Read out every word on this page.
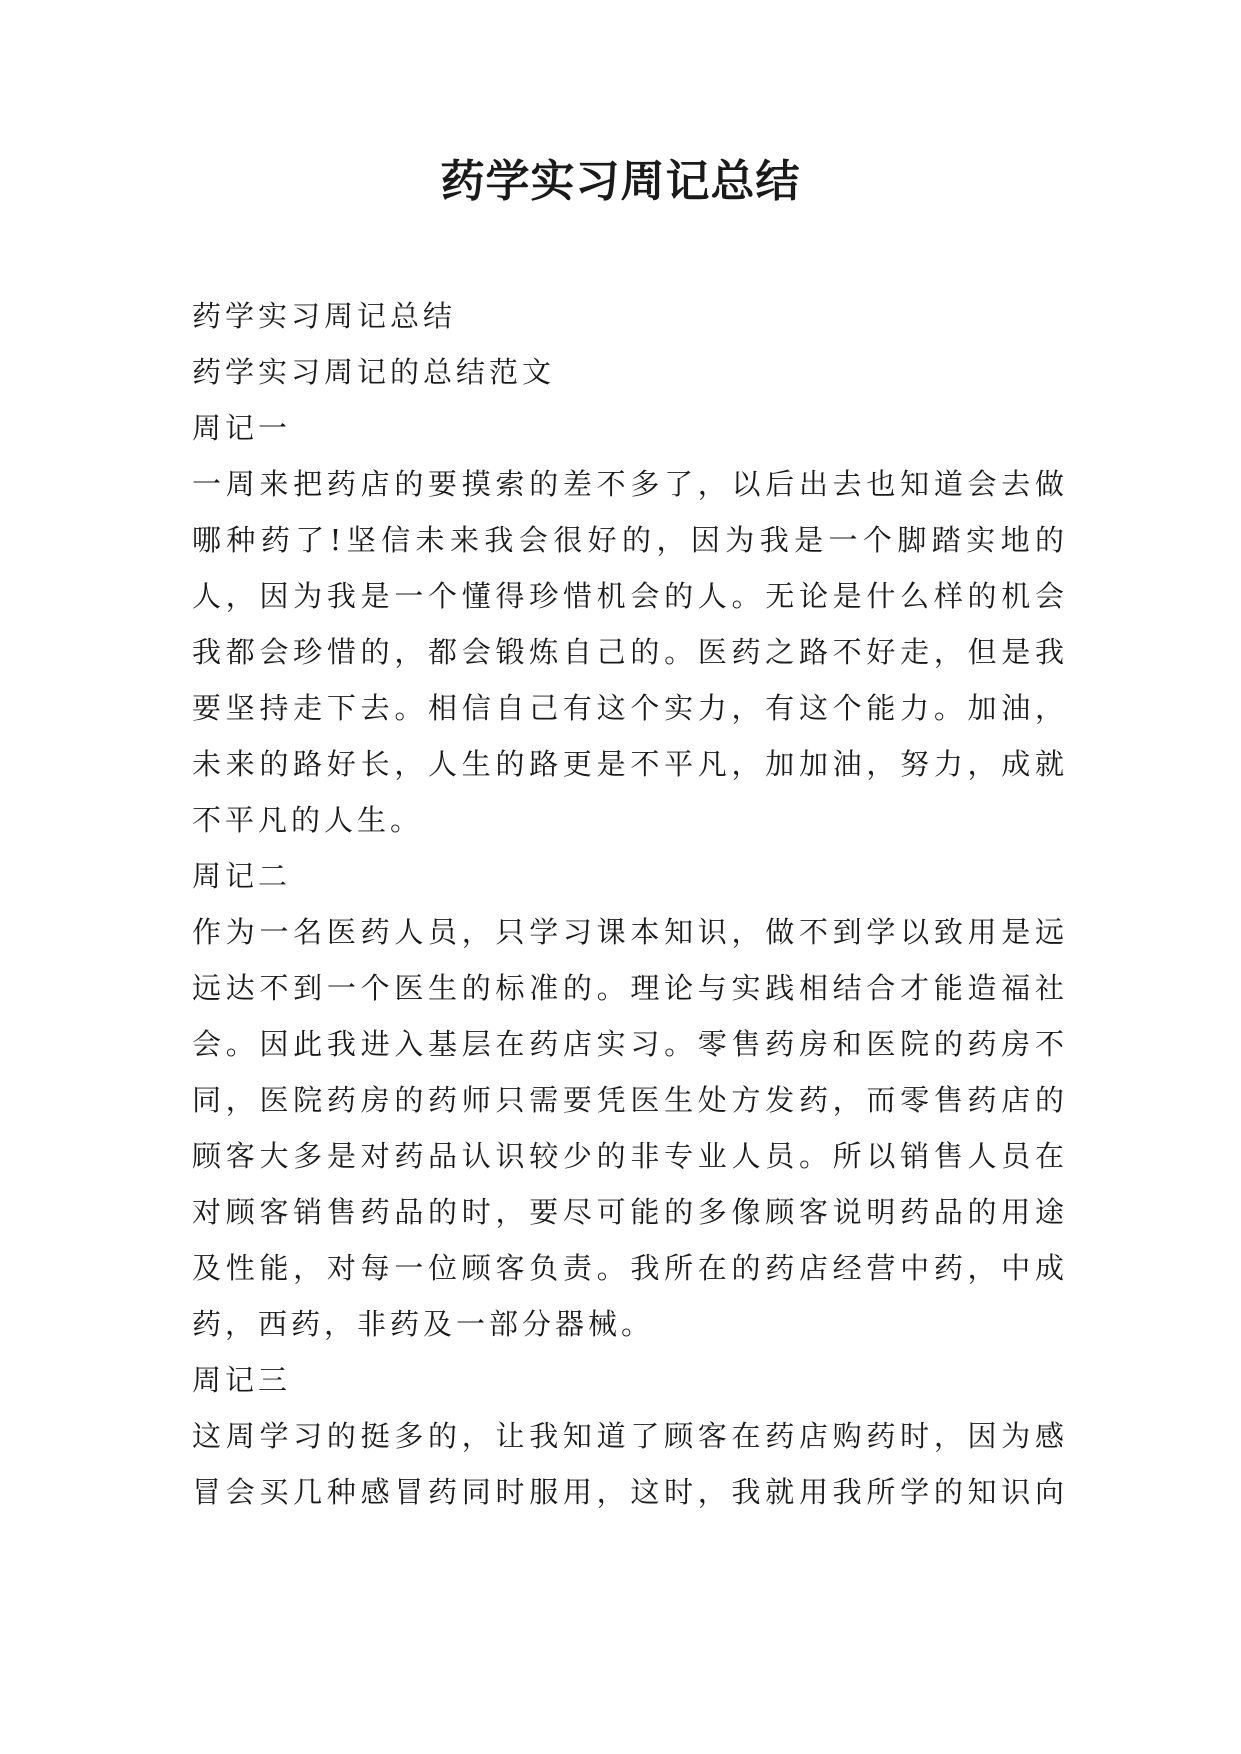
药学实习周记总结
药学实习周记总结
药学实习周记的总结范文
周记一
一周来把药店的要摸索的差不多了，以后出去也知道会去做
哪种药了!坚信未来我会很好的，因为我是一个脚踏实地的
人，因为我是一个懂得珍惜机会的人。无论是什么样的机会
我都会珍惜的，都会锻炼自己的。医药之路不好走，但是我
要坚持走下去。相信自己有这个实力，有这个能力。加油，
未来的路好长，人生的路更是不平凡，加加油，努力，成就
不平凡的人生。
周记二
作为一名医药人员，只学习课本知识，做不到学以致用是远
远达不到一个医生的标准的。理论与实践相结合才能造福社
会。因此我进入基层在药店实习。零售药房和医院的药房不
同，医院药房的药师只需要凭医生处方发药，而零售药店的
顾客大多是对药品认识较少的非专业人员。所以销售人员在
对顾客销售药品的时，要尽可能的多像顾客说明药品的用途
及性能，对每一位顾客负责。我所在的药店经营中药，中成
药，西药，非药及一部分器械。
周记三
这周学习的挺多的，让我知道了顾客在药店购药时，因为感
冒会买几种感冒药同时服用，这时，我就用我所学的知识向
